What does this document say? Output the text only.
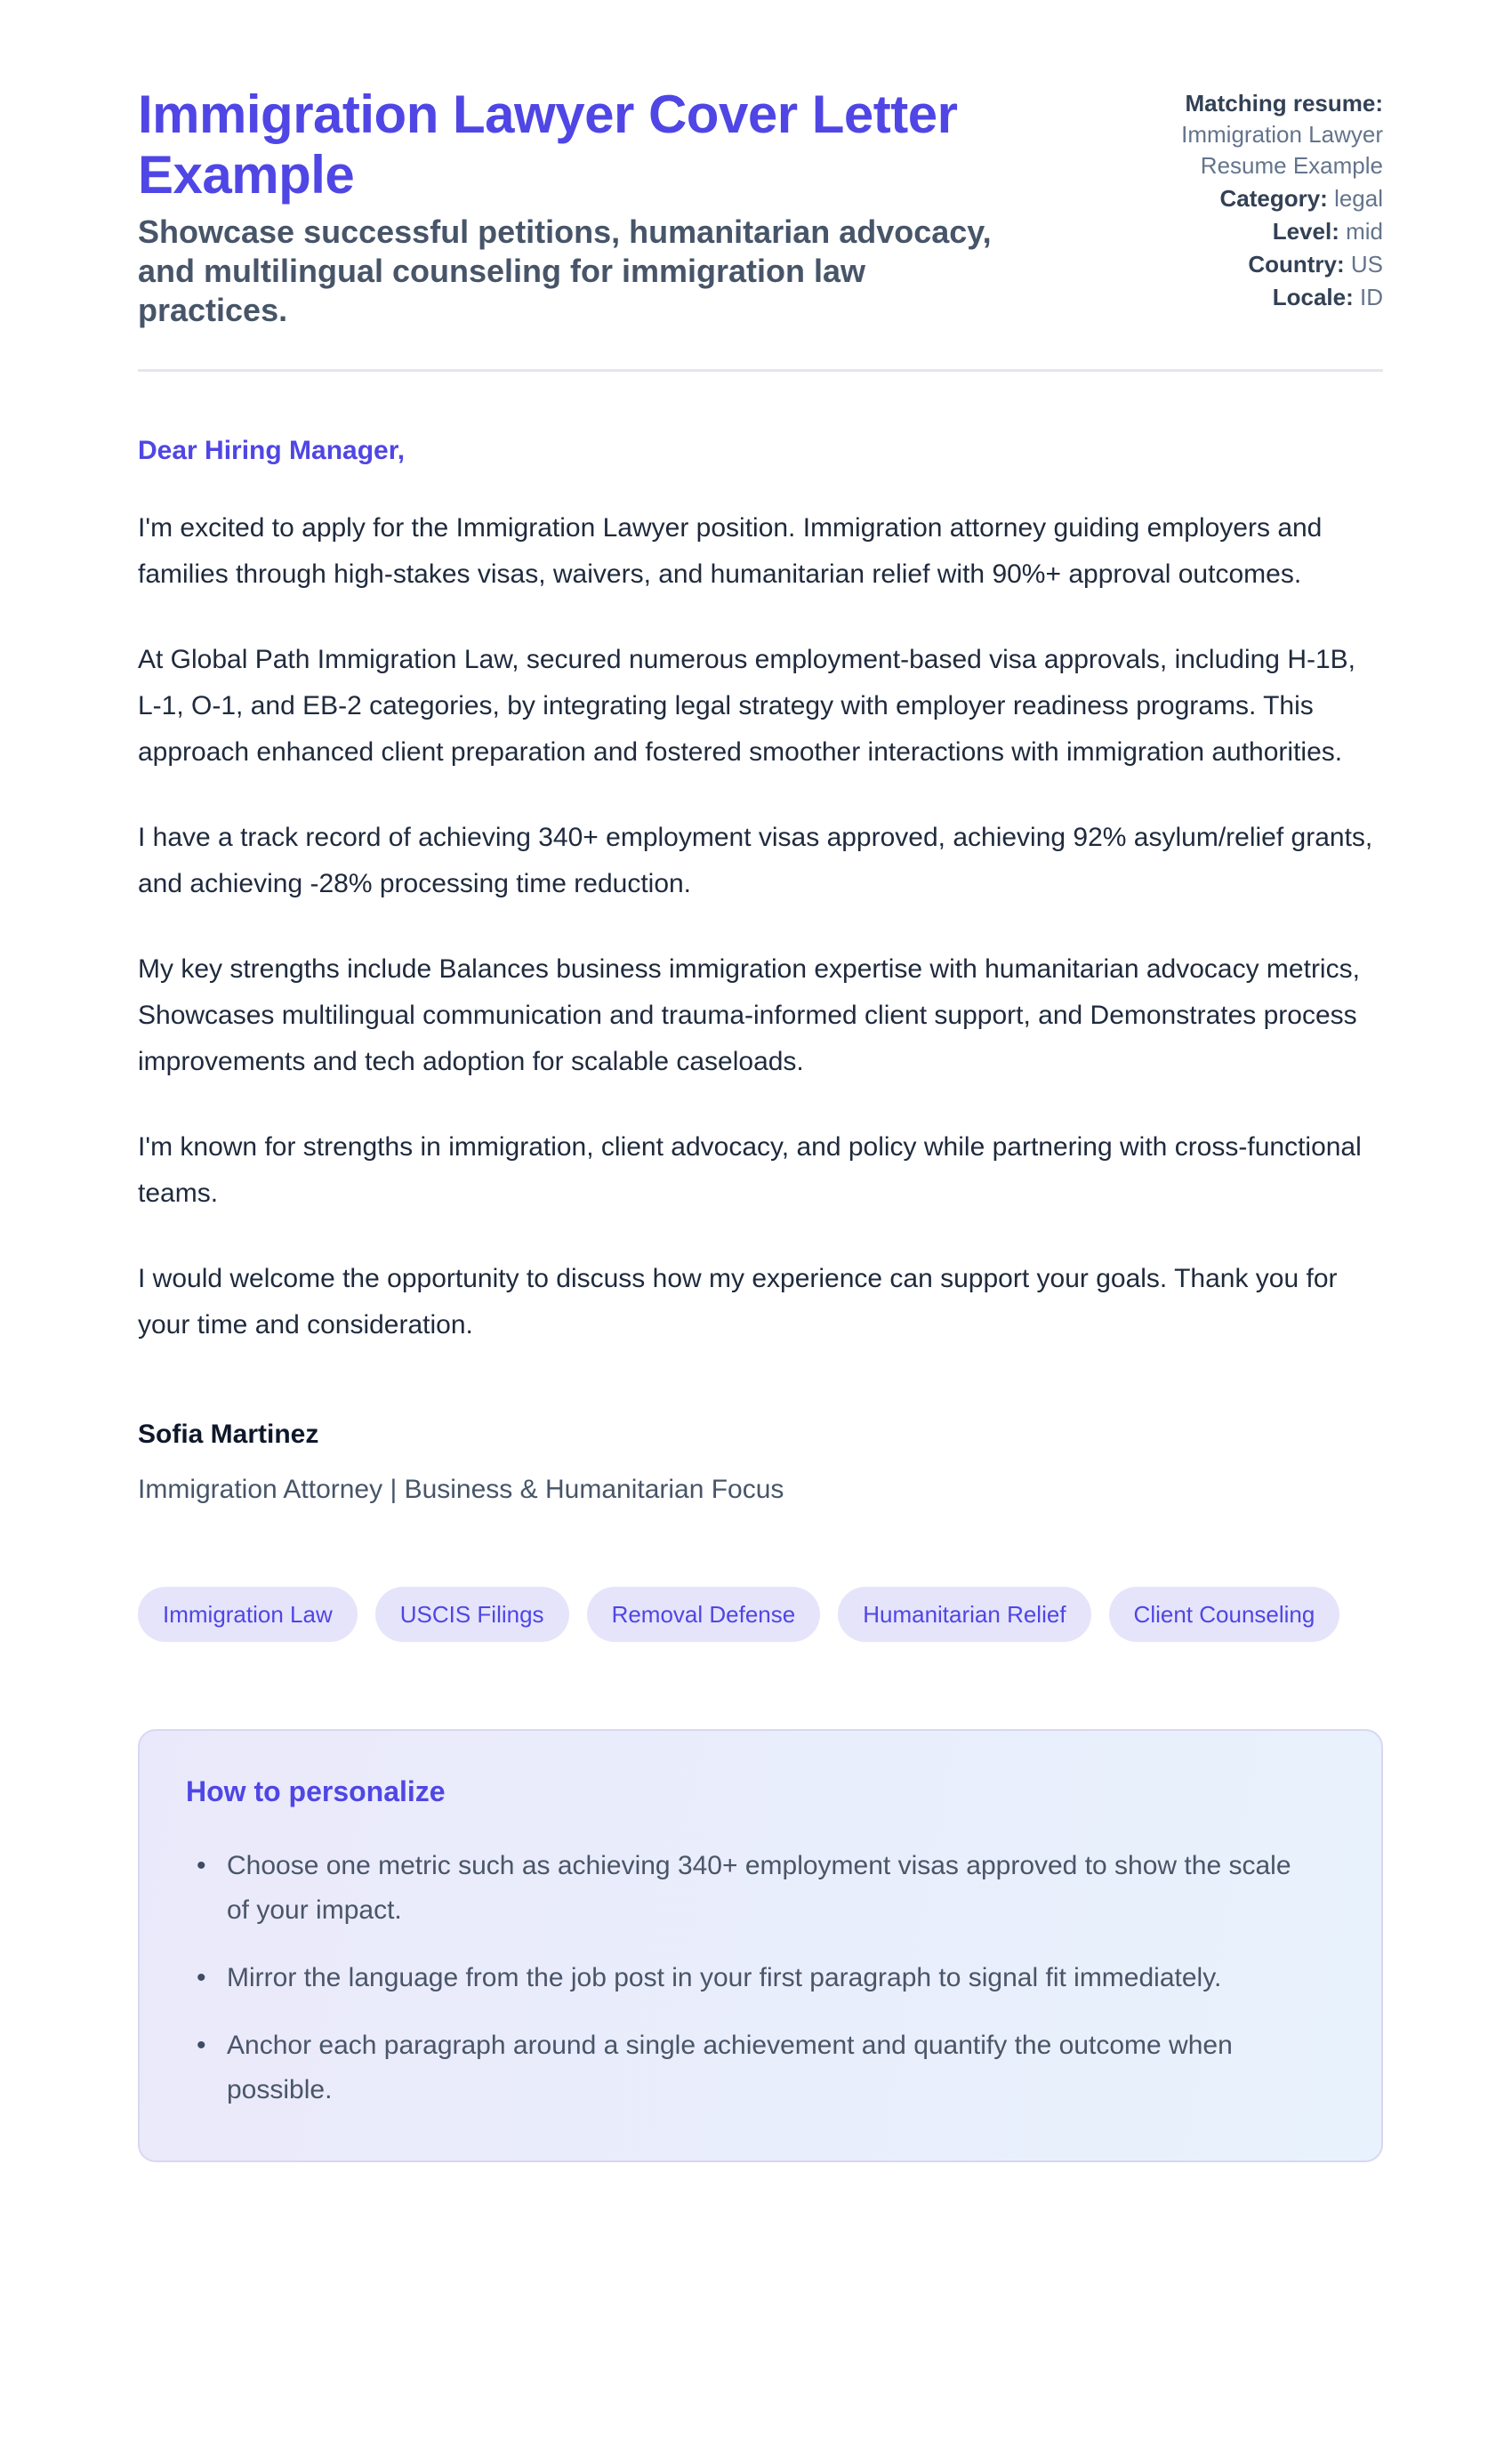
Immigration Lawyer Cover Letter Example
Showcase successful petitions, humanitarian advocacy, and multilingual counseling for immigration law practices.
Matching resume:
Immigration Lawyer Resume Example
Category: legal
Level: mid
Country: US
Locale: ID
Dear Hiring Manager,

I'm excited to apply for the Immigration Lawyer position. Immigration attorney guiding employers and families through high-stakes visas, waivers, and humanitarian relief with 90%+ approval outcomes.

At Global Path Immigration Law, secured numerous employment-based visa approvals, including H-1B, L-1, O-1, and EB-2 categories, by integrating legal strategy with employer readiness programs. This approach enhanced client preparation and fostered smoother interactions with immigration authorities.

I have a track record of achieving 340+ employment visas approved, achieving 92% asylum/relief grants, and achieving -28% processing time reduction.

My key strengths include Balances business immigration expertise with humanitarian advocacy metrics, Showcases multilingual communication and trauma-informed client support, and Demonstrates process improvements and tech adoption for scalable caseloads.

I'm known for strengths in immigration, client advocacy, and policy while partnering with cross-functional teams.

I would welcome the opportunity to discuss how my experience can support your goals. Thank you for your time and consideration.

Sofia Martinez
Immigration Attorney | Business & Humanitarian Focus
Immigration Law	USCIS Filings	Removal Defense	Humanitarian Relief	Client Counseling
How to personalize
• Choose one metric such as achieving 340+ employment visas approved to show the scale of your impact.
• Mirror the language from the job post in your first paragraph to signal fit immediately.
• Anchor each paragraph around a single achievement and quantify the outcome when possible.
